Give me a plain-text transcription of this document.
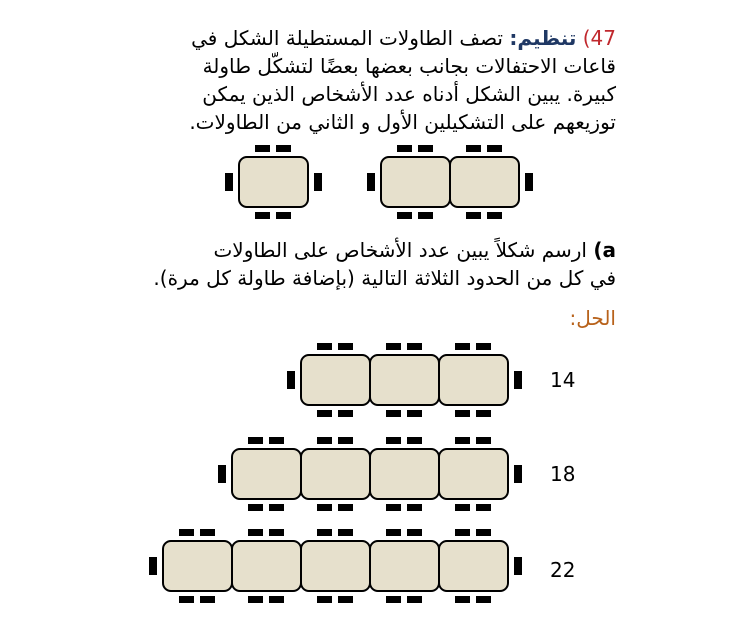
47) تنظيم: تصف الطاولات المستطيلة الشكل في
قاعات الاحتفالات بجانب بعضها بعضًا لتشكّل طاولة
كبيرة. يبين الشكل أدناه عدد الأشخاص الذين يمكن
توزيعهم على التشكيلين الأول و الثاني من الطاولات.
a) ارسم شكلاً يبين عدد الأشخاص على الطاولات
في كل من الحدود الثلاثة التالية (بإضافة طاولة كل مرة).
الحل:
14
18
22
